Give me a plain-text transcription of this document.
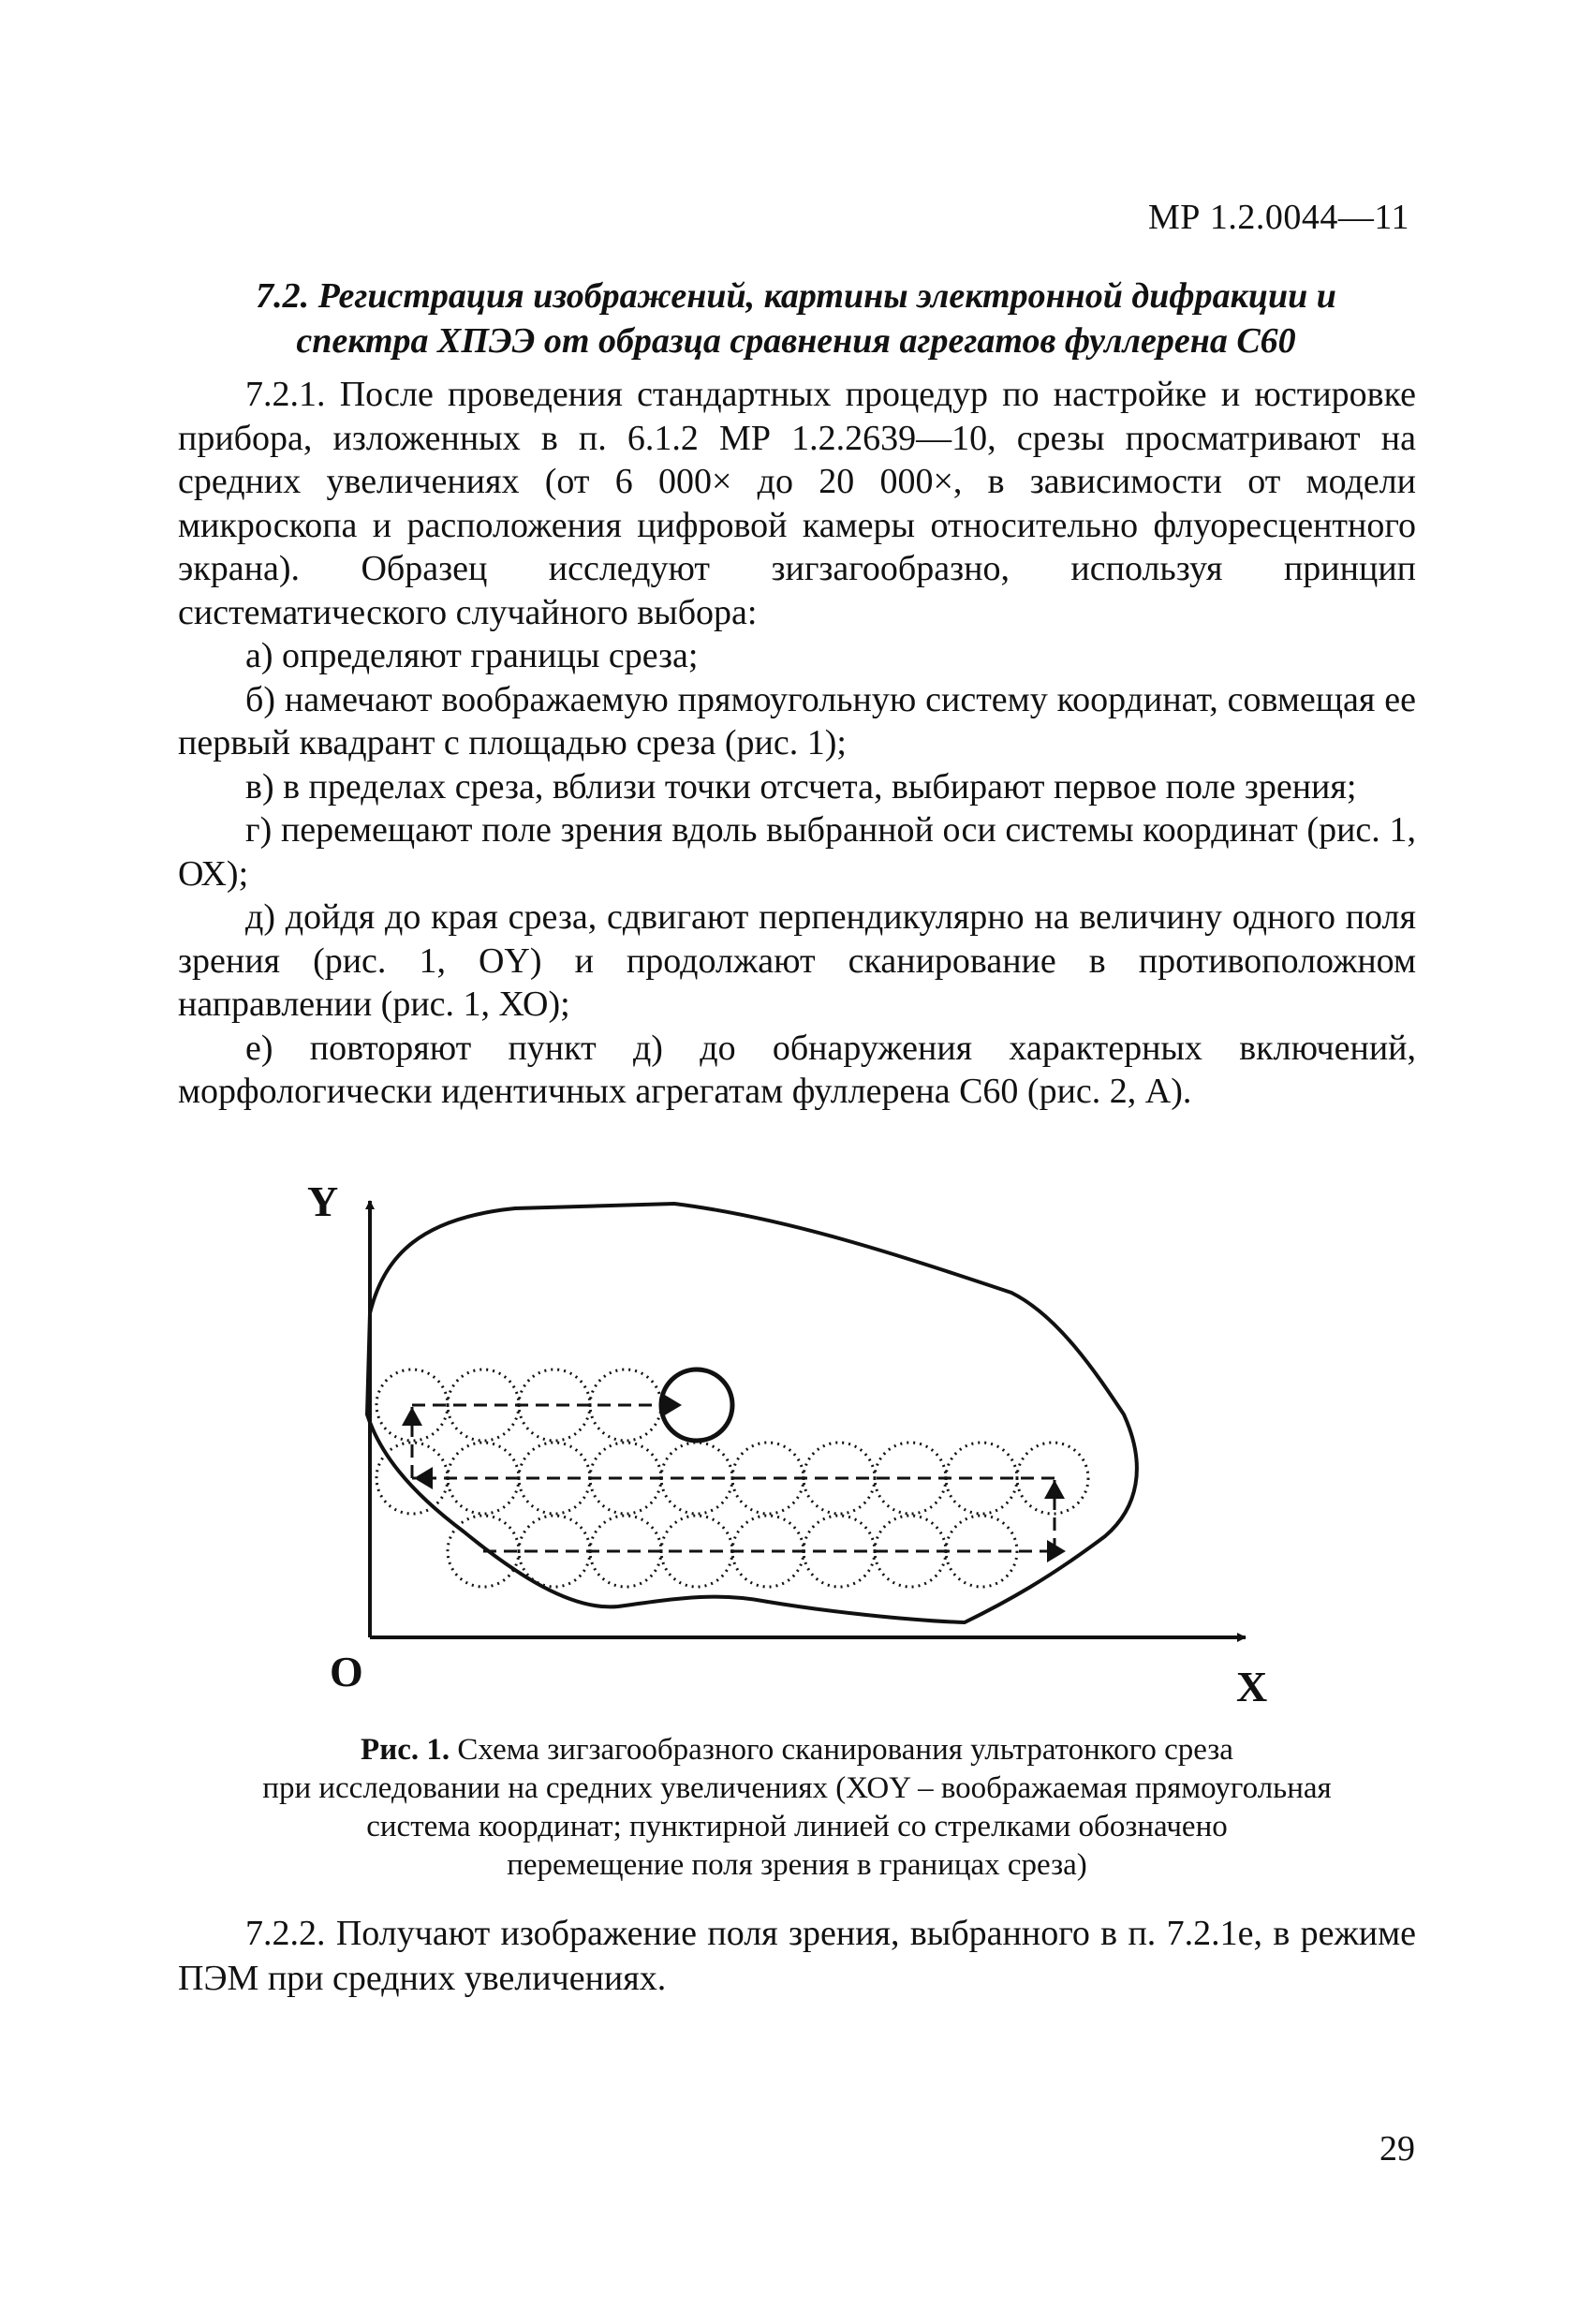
МР 1.2.0044—11
7.2. Регистрация изображений, картины электронной дифракции и
спектра ХПЭЭ от образца сравнения агрегатов фуллерена С60

7.2.1. После проведения стандартных процедур по настройке и юстировке прибора, изложенных в п. 6.1.2 МР 1.2.2639—10, срезы просматривают на средних увеличениях (от 6 000× до 20 000×, в зависимости от модели микроскопа и расположения цифровой камеры относительно флуоресцентного экрана). Образец исследуют зигзагообразно, используя принцип систематического случайного выбора:

а) определяют границы среза;

б) намечают воображаемую прямоугольную систему координат, совмещая ее первый квадрант с площадью среза (рис. 1);

в) в пределах среза, вблизи точки отсчета, выбирают первое поле зрения;

г) перемещают поле зрения вдоль выбранной оси системы координат (рис. 1, ОХ);

д) дойдя до края среза, сдвигают перпендикулярно на величину одного поля зрения (рис. 1, OY) и продолжают сканирование в противоположном направлении (рис. 1, ХО);

е) повторяют пункт д) до обнаружения характерных включений, морфологически идентичных агрегатам фуллерена С60 (рис. 2, А).

Y
X
O
Рис. 1. Схема зигзагообразного сканирования ультратонкого среза
при исследовании на средних увеличениях (ХОY – воображаемая прямоугольная
система координат; пунктирной линией со стрелками обозначено
перемещение поля зрения в границах среза)

7.2.2. Получают изображение поля зрения, выбранного в п. 7.2.1е, в режиме ПЭМ при средних увеличениях.

29
